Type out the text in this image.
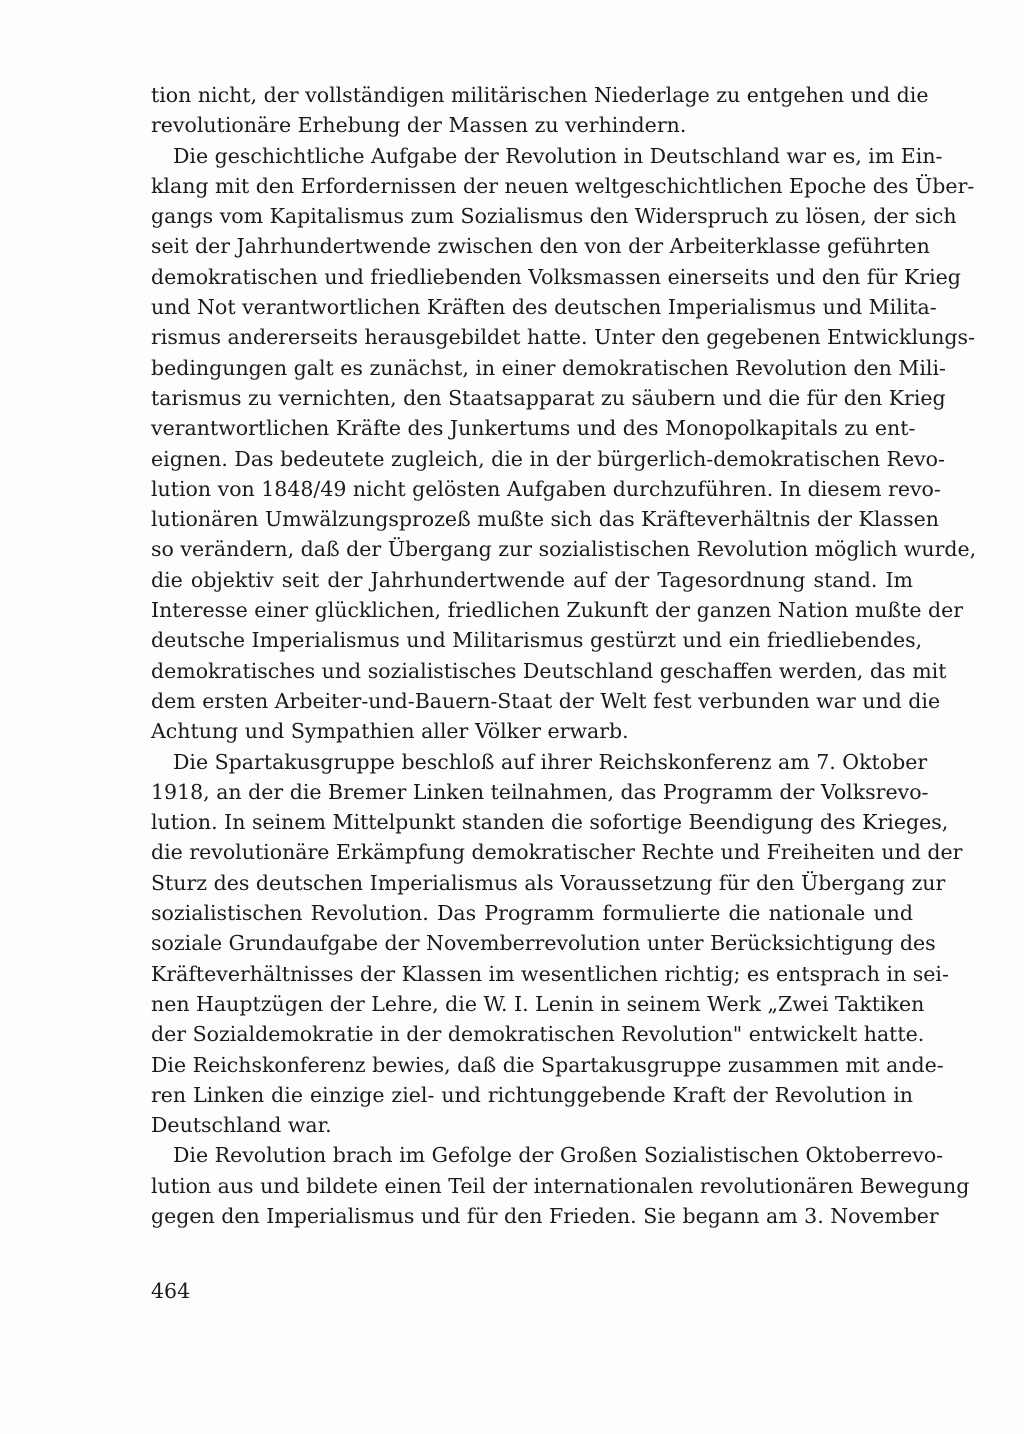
tion nicht, der vollständigen militärischen Niederlage zu entgehen und die
revolutionäre Erhebung der Massen zu verhindern.
Die geschichtliche Aufgabe der Revolution in Deutschland war es, im Ein-
klang mit den Erfordernissen der neuen weltgeschichtlichen Epoche des Über-
gangs vom Kapitalismus zum Sozialismus den Widerspruch zu lösen, der sich
seit der Jahrhundertwende zwischen den von der Arbeiterklasse geführten
demokratischen und friedliebenden Volksmassen einerseits und den für Krieg
und Not verantwortlichen Kräften des deutschen Imperialismus und Milita-
rismus andererseits herausgebildet hatte. Unter den gegebenen Entwicklungs-
bedingungen galt es zunächst, in einer demokratischen Revolution den Mili-
tarismus zu vernichten, den Staatsapparat zu säubern und die für den Krieg
verantwortlichen Kräfte des Junkertums und des Monopolkapitals zu ent-
eignen. Das bedeutete zugleich, die in der bürgerlich-demokratischen Revo-
lution von 1848/49 nicht gelösten Aufgaben durchzuführen. In diesem revo-
lutionären Umwälzungsprozeß mußte sich das Kräfteverhältnis der Klassen
so verändern, daß der Übergang zur sozialistischen Revolution möglich wurde,
die objektiv seit der Jahrhundertwende auf der Tagesordnung stand. Im
Interesse einer glücklichen, friedlichen Zukunft der ganzen Nation mußte der
deutsche Imperialismus und Militarismus gestürzt und ein friedliebendes,
demokratisches und sozialistisches Deutschland geschaffen werden, das mit
dem ersten Arbeiter-und-Bauern-Staat der Welt fest verbunden war und die
Achtung und Sympathien aller Völker erwarb.
Die Spartakusgruppe beschloß auf ihrer Reichskonferenz am 7. Oktober
1918, an der die Bremer Linken teilnahmen, das Programm der Volksrevo-
lution. In seinem Mittelpunkt standen die sofortige Beendigung des Krieges,
die revolutionäre Erkämpfung demokratischer Rechte und Freiheiten und der
Sturz des deutschen Imperialismus als Voraussetzung für den Übergang zur
sozialistischen Revolution. Das Programm formulierte die nationale und
soziale Grundaufgabe der Novemberrevolution unter Berücksichtigung des
Kräfteverhältnisses der Klassen im wesentlichen richtig; es entsprach in sei-
nen Hauptzügen der Lehre, die W. I. Lenin in seinem Werk „Zwei Taktiken
der Sozialdemokratie in der demokratischen Revolution" entwickelt hatte.
Die Reichskonferenz bewies, daß die Spartakusgruppe zusammen mit ande-
ren Linken die einzige ziel- und richtunggebende Kraft der Revolution in
Deutschland war.
Die Revolution brach im Gefolge der Großen Sozialistischen Oktoberrevo-
lution aus und bildete einen Teil der internationalen revolutionären Bewegung
gegen den Imperialismus und für den Frieden. Sie begann am 3. November
464
